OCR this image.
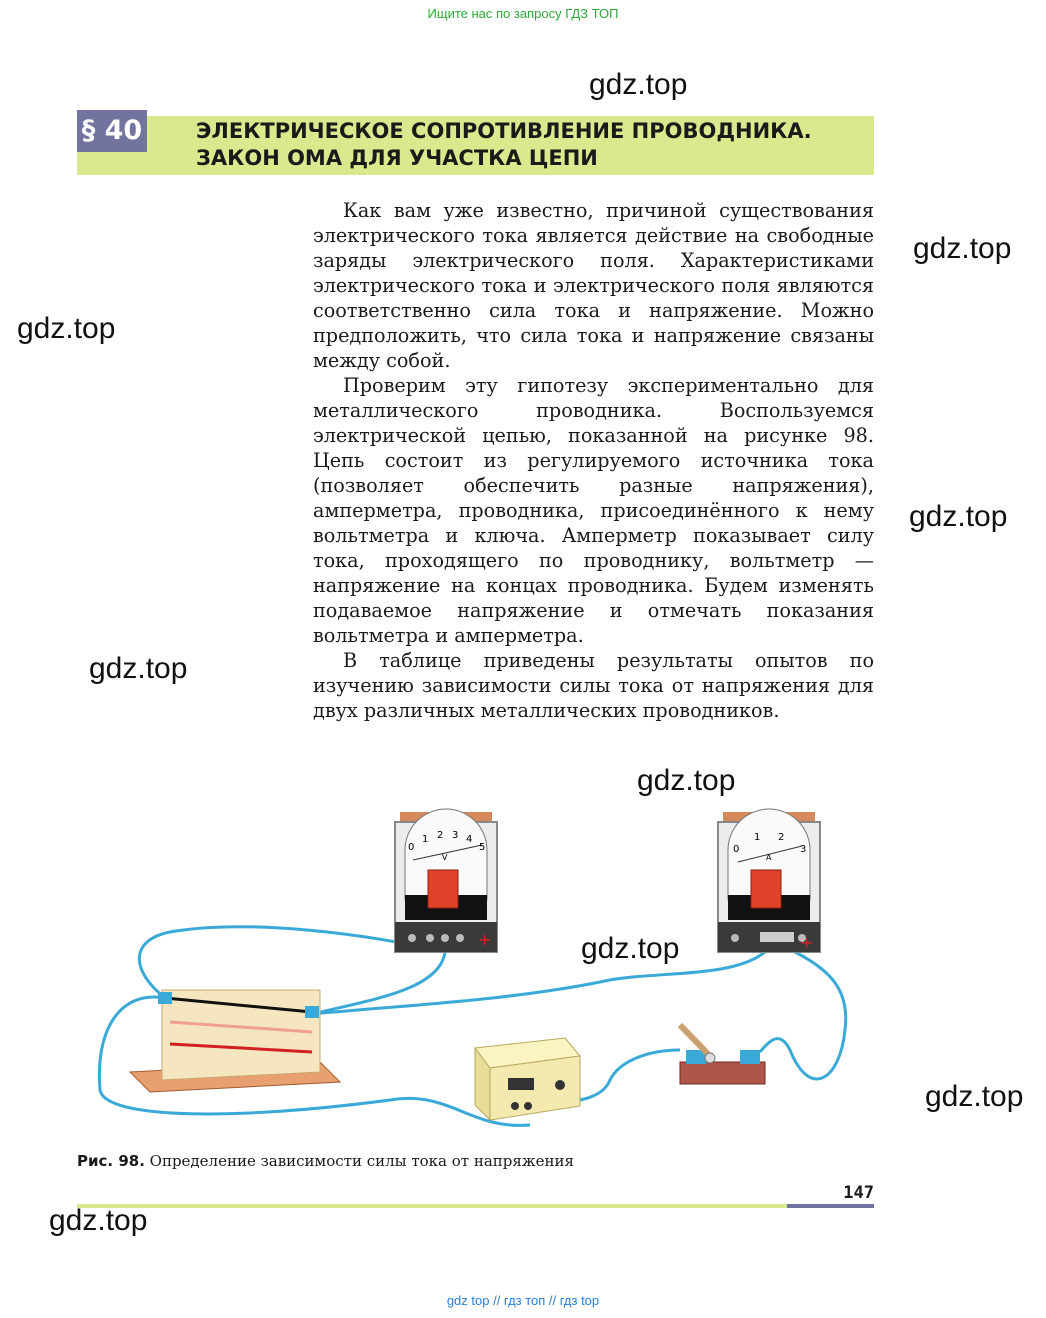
Ищите нас по запросу ГДЗ ТОП
§ 40	ЭЛЕКТРИЧЕСКОЕ СОПРОТИВЛЕНИЕ ПРОВОДНИКА.
ЗАКОН ОМА ДЛЯ УЧАСТКА ЦЕПИ

Как вам уже известно, причиной существования электрического тока является действие на свободные заряды электрического поля. Характеристиками электрического тока и электрического поля являются соответственно сила тока и напряжение. Можно предположить, что сила тока и напряжение связаны между собой.

Проверим эту гипотезу экспериментально для металлического проводника. Воспользуемся электрической цепью, показанной на рисунке 98. Цепь состоит из регулируемого источника тока (позволяет обеспечить разные напряжения), амперметра, проводника, присоединённого к нему вольтметра и ключа. Амперметр показывает силу тока, проходящего по проводнику, вольтметр — напряжение на концах проводника. Будем изменять подаваемое напряжение и отмечать показания вольтметра и амперметра.

В таблице приведены результаты опытов по изучению зависимости силы тока от напряжения для двух различных металлических проводников.

0
1 2 3 4
5
V
+
0
1 2
3
A
+
Рис. 98. Определение зависимости силы тока от напряжения
147
gdz.top
gdz.top
gdz.top
gdz.top
gdz.top
gdz.top
gdz.top
gdz.top
gdz.top
gdz top // гдз топ // гдз top
